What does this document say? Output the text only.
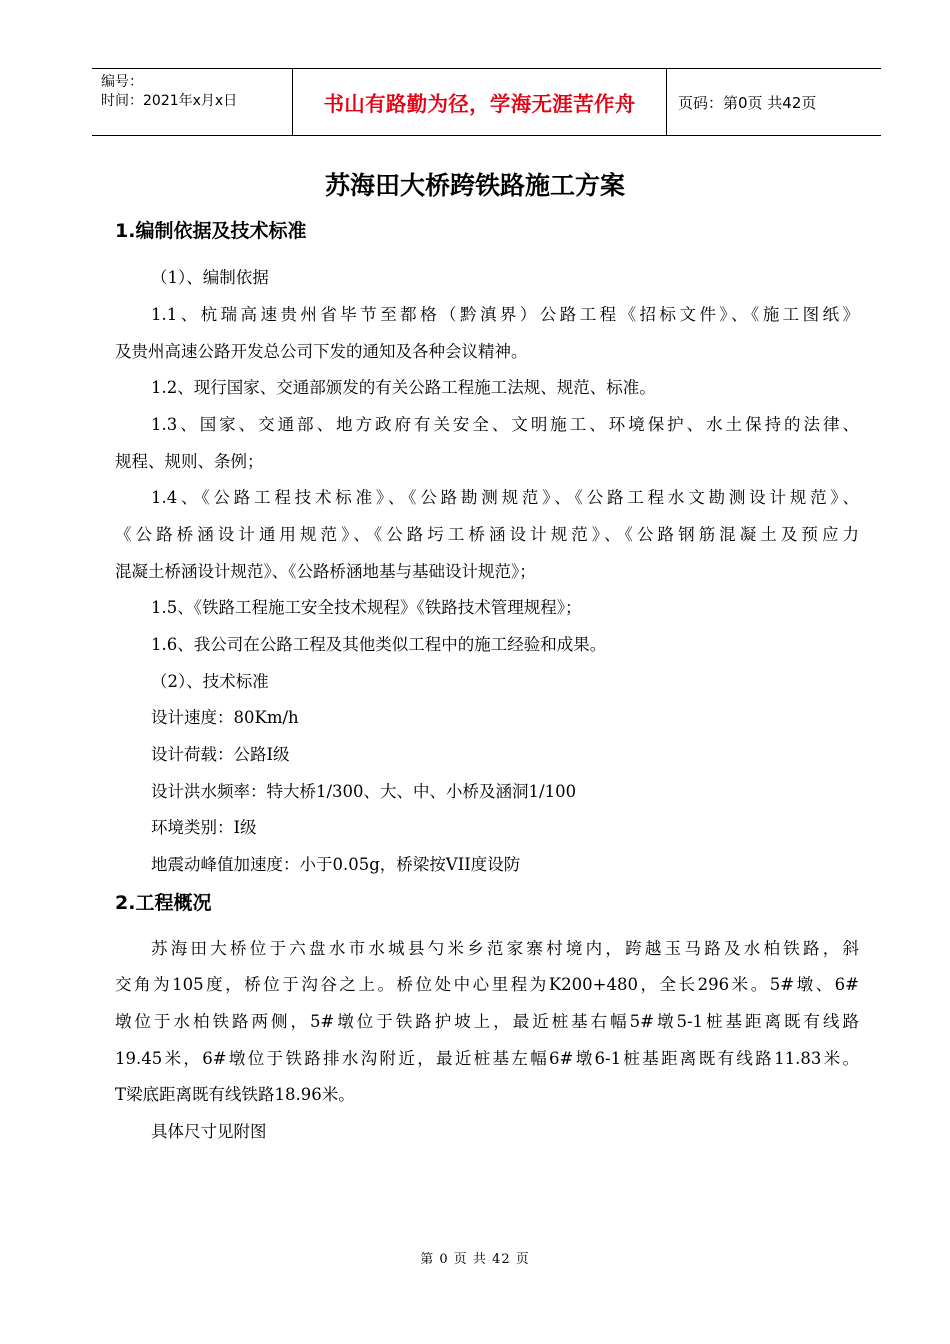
编号：
时间：2021年x月x日	书山有路勤为径，学海无涯苦作舟	页码：第0页 共42页
苏海田大桥跨铁路施工方案
1.编制依据及技术标准
（1）、编制依据
1.1、杭瑞高速贵州省毕节至都格（黔滇界）公路工程《招标文件》、《施工图纸》
及贵州高速公路开发总公司下发的通知及各种会议精神。
1.2、现行国家、交通部颁发的有关公路工程施工法规、规范、标准。
1.3、国家、交通部、地方政府有关安全、文明施工、环境保护、水土保持的法律、
规程、规则、条例；
1.4、《公路工程技术标准》、《公路勘测规范》、《公路工程水文勘测设计规范》、
《公路桥涵设计通用规范》、《公路圬工桥涵设计规范》、《公路钢筋混凝土及预应力
混凝土桥涵设计规范》、《公路桥涵地基与基础设计规范》；
1.5、《铁路工程施工安全技术规程》《铁路技术管理规程》；
1.6、我公司在公路工程及其他类似工程中的施工经验和成果。
（2）、技术标准
设计速度：80Km/h
设计荷载：公路Ⅰ级
设计洪水频率：特大桥1/300、大、中、小桥及涵洞1/100
环境类别：Ⅰ级
地震动峰值加速度：小于0.05g，桥梁按VII度设防
2.工程概况
苏海田大桥位于六盘水市水城县勺米乡范家寨村境内，跨越玉马路及水柏铁路，斜
交角为105度，桥位于沟谷之上。桥位处中心里程为K200+480，全长296米。5#墩、6#
墩位于水柏铁路两侧，5#墩位于铁路护坡上，最近桩基右幅5#墩5-1桩基距离既有线路
19.45米，6#墩位于铁路排水沟附近，最近桩基左幅6#墩6-1桩基距离既有线路11.83米。
T梁底距离既有线铁路18.96米。
具体尺寸见附图
第 0 页 共 42 页
